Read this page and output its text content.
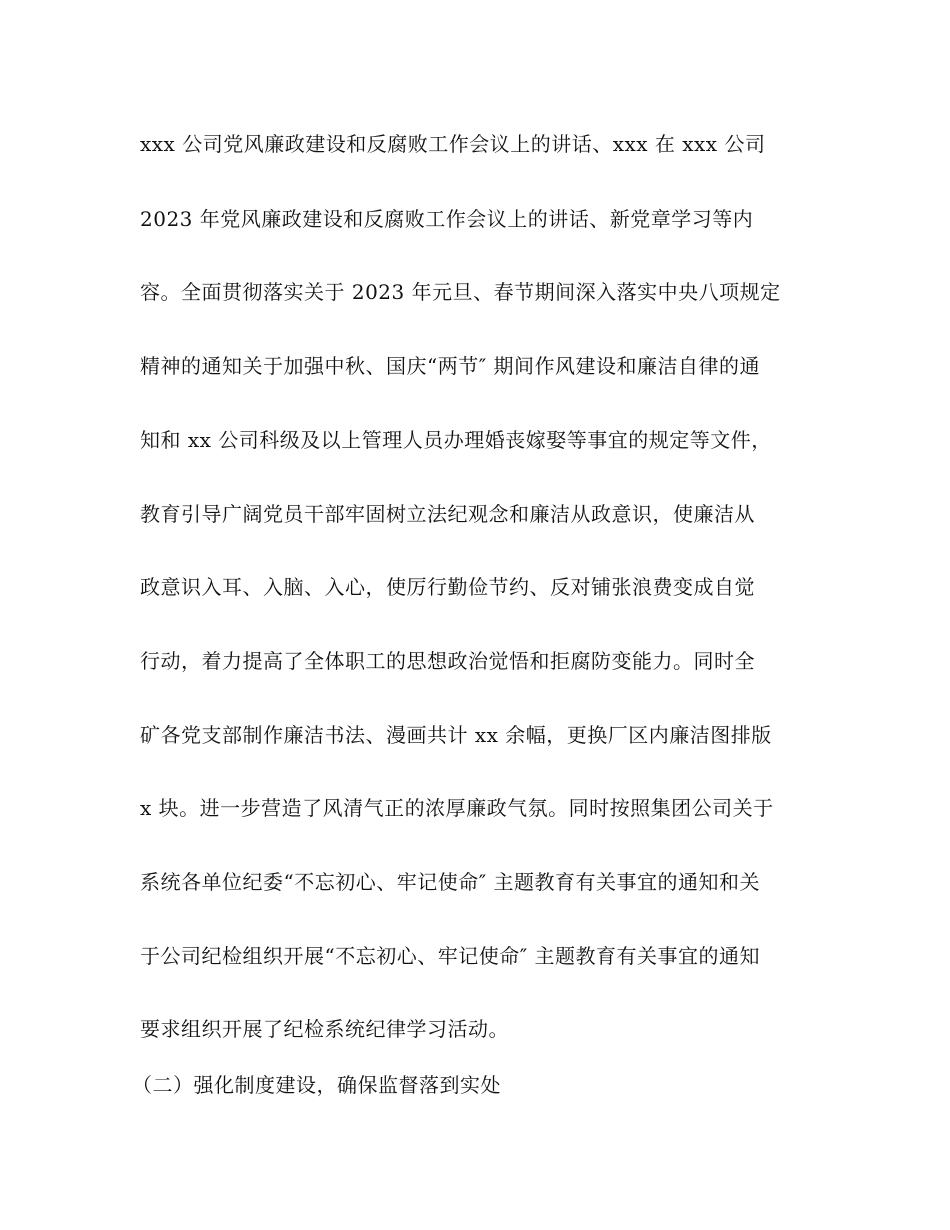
xxx 公司党风廉政建设和反腐败工作会议上的讲话、xxx 在 xxx 公司
2023 年党风廉政建设和反腐败工作会议上的讲话、新党章学习等内
容。全面贯彻落实关于 2023 年元旦、春节期间深入落实中央八项规定
精神的通知关于加强中秋、国庆“两节″ 期间作风建设和廉洁自律的通
知和 xx 公司科级及以上管理人员办理婚丧嫁娶等事宜的规定等文件，
教育引导广阔党员干部牢固树立法纪观念和廉洁从政意识，使廉洁从
政意识入耳、入脑、入心，使厉行勤俭节约、反对铺张浪费变成自觉
行动，着力提高了全体职工的思想政治觉悟和拒腐防变能力。同时全
矿各党支部制作廉洁书法、漫画共计 xx 余幅，更换厂区内廉洁图排版
x 块。进一步营造了风清气正的浓厚廉政气氛。同时按照集团公司关于
系统各单位纪委“不忘初心、牢记使命″ 主题教育有关事宜的通知和关
于公司纪检组织开展“不忘初心、牢记使命″ 主题教育有关事宜的通知
要求组织开展了纪检系统纪律学习活动。
（二）强化制度建设，确保监督落到实处
